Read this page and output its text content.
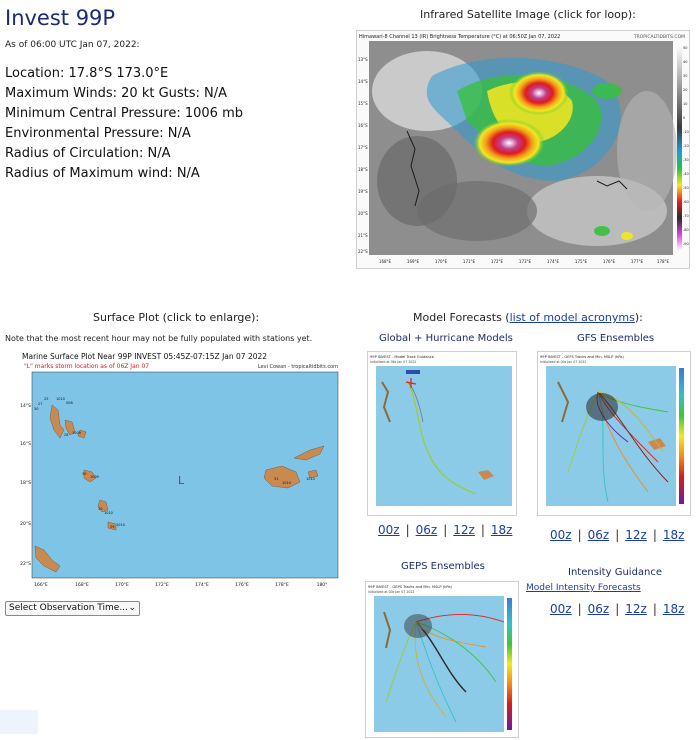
Invest 99P
As of 06:00 UTC Jan 07, 2022:
Location: 17.8°S 173.0°E
Maximum Winds: 20 kt Gusts: N/A
Minimum Central Pressure: 1006 mb
Environmental Pressure: N/A
Radius of Circulation: N/A
Radius of Maximum wind: N/A
Infrared Satellite Image (click for loop):
Himawari-8 Channel 13 (IR) Brightness Temperature (°C) at 06:50Z Jan 07, 2022	TROPICALTIDBITS.COM
13°S
14°S
15°S
16°S
17°S
18°S
19°S
20°S
21°S
22°S
168°E	169°E	170°E	171°E	172°E	173°E	174°E	175°E	176°E	177°E	178°E
50
40
30
20
10
0
-10
-20
-30
-40
-50
-60
-70
-80
-90
Surface Plot (click to enlarge):
Note that the most recent hour may not be fully populated with stations yet.
Marine Surface Plot Near 99P INVEST 05:45Z-07:15Z Jan 07 2022
"L" marks storm location as of 06Z Jan 07	Levi Cowan - tropicaltidbits.com
27
25 1010
30
008
28 1009
30
1009
30
1010
29 1010
31
1010
1010
L
14°S
16°S
18°S
20°S
22°S
166°E	168°E	170°E	172°E	174°E	176°E	178°E	180°
Select Observation Time... ⌄
Model Forecasts (list of model acronyms):
Global + Hurricane Models
99P INVEST - Model Track Guidance
Initialized at 06z Jan 07 2022
00z | 06z | 12z | 18z
GFS Ensembles
99P INVEST - GEFS Tracks and Min. MSLP (hPa)
Initialized at 00z Jan 07 2022
00z | 06z | 12z | 18z
GEPS Ensembles
99P INVEST - GEPS Tracks and Min. MSLP (hPa)
Initialized at 00z Jan 07 2022
Intensity Guidance
Model Intensity Forecasts
00z | 06z | 12z | 18z
